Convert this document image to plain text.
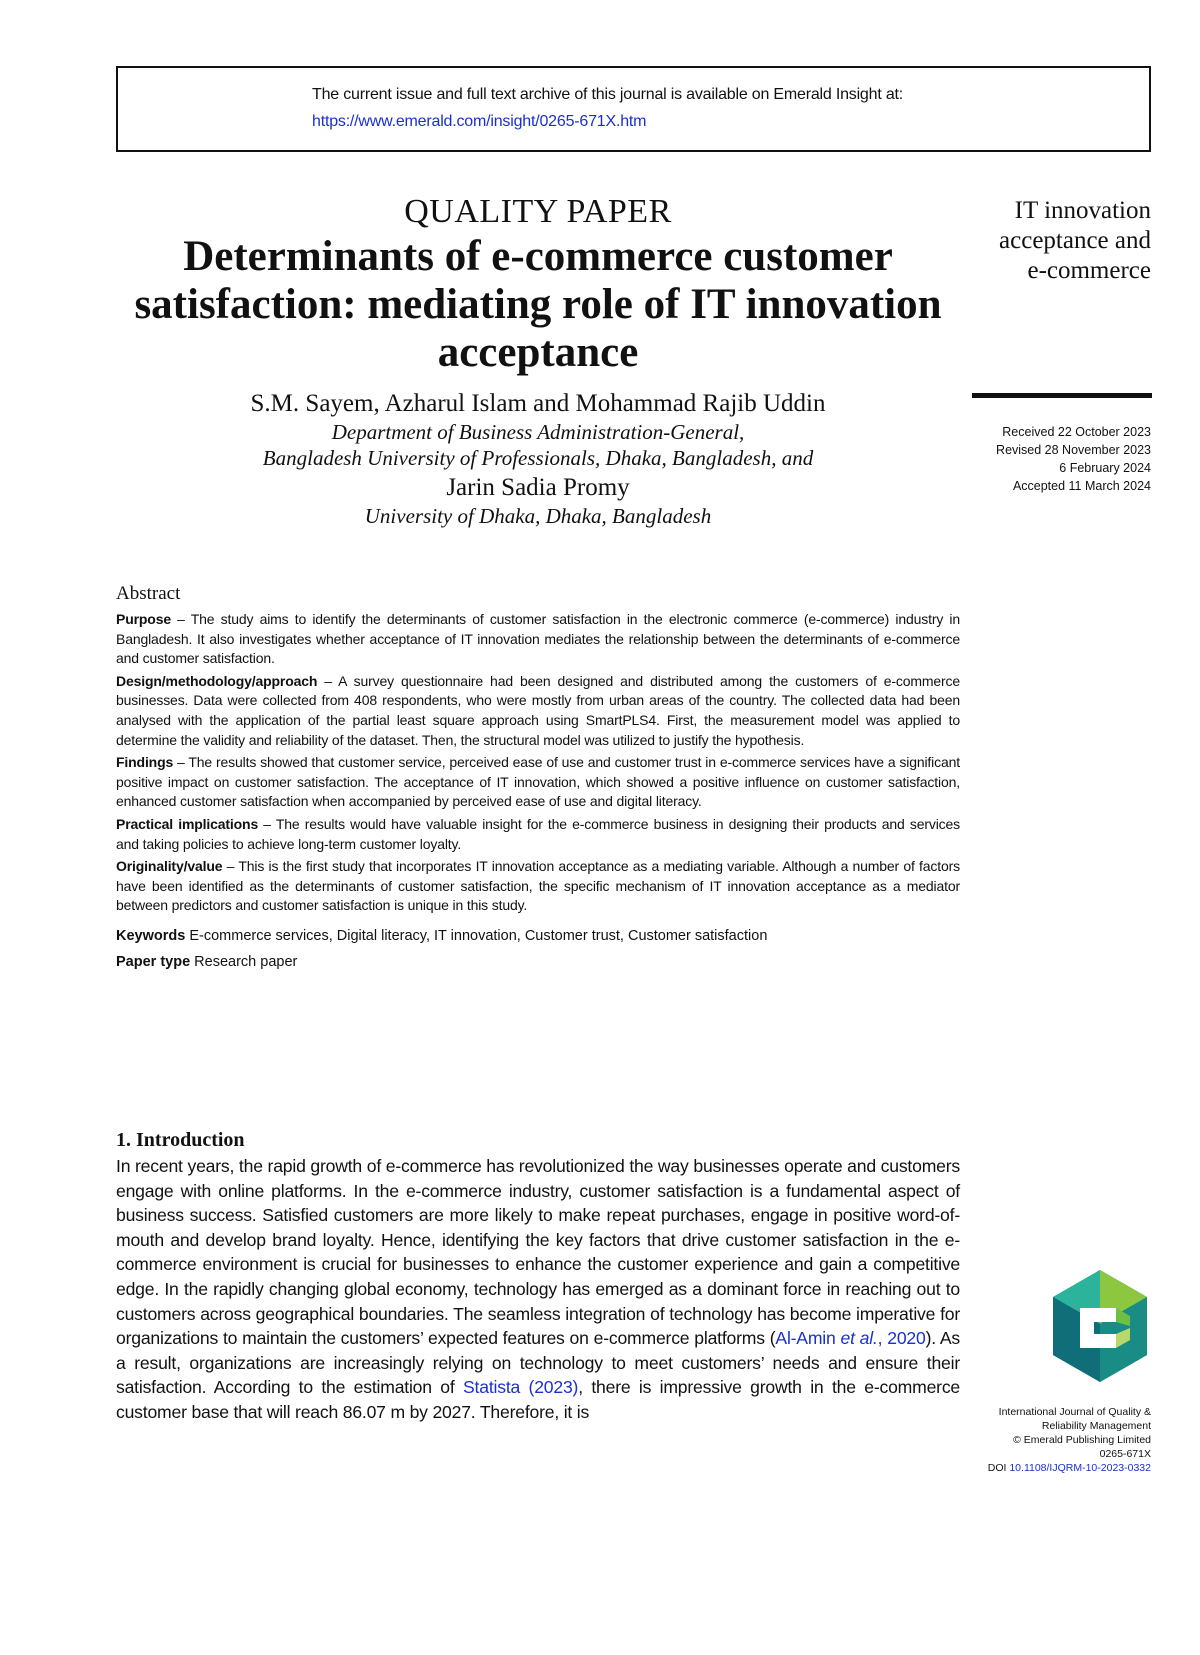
The current issue and full text archive of this journal is available on Emerald Insight at:
https://www.emerald.com/insight/0265-671X.htm
QUALITY PAPER
Determinants of e-commerce customer satisfaction: mediating role of IT innovation acceptance
S.M. Sayem, Azharul Islam and Mohammad Rajib Uddin
Department of Business Administration-General,
Bangladesh University of Professionals, Dhaka, Bangladesh, and
Jarin Sadia Promy
University of Dhaka, Dhaka, Bangladesh
IT innovation
acceptance and
e-commerce
Received 22 October 2023
Revised 28 November 2023
6 February 2024
Accepted 11 March 2024
Abstract

Purpose – The study aims to identify the determinants of customer satisfaction in the electronic commerce (e-commerce) industry in Bangladesh. It also investigates whether acceptance of IT innovation mediates the relationship between the determinants of e-commerce and customer satisfaction.

Design/methodology/approach – A survey questionnaire had been designed and distributed among the customers of e-commerce businesses. Data were collected from 408 respondents, who were mostly from urban areas of the country. The collected data had been analysed with the application of the partial least square approach using SmartPLS4. First, the measurement model was applied to determine the validity and reliability of the dataset. Then, the structural model was utilized to justify the hypothesis.

Findings – The results showed that customer service, perceived ease of use and customer trust in e-commerce services have a significant positive impact on customer satisfaction. The acceptance of IT innovation, which showed a positive influence on customer satisfaction, enhanced customer satisfaction when accompanied by perceived ease of use and digital literacy.

Practical implications – The results would have valuable insight for the e-commerce business in designing their products and services and taking policies to achieve long-term customer loyalty.

Originality/value – This is the first study that incorporates IT innovation acceptance as a mediating variable. Although a number of factors have been identified as the determinants of customer satisfaction, the specific mechanism of IT innovation acceptance as a mediator between predictors and customer satisfaction is unique in this study.

Keywords E-commerce services, Digital literacy, IT innovation, Customer trust, Customer satisfaction
Paper type Research paper
1. Introduction

In recent years, the rapid growth of e-commerce has revolutionized the way businesses operate and customers engage with online platforms. In the e-commerce industry, customer satisfaction is a fundamental aspect of business success. Satisfied customers are more likely to make repeat purchases, engage in positive word-of-mouth and develop brand loyalty. Hence, identifying the key factors that drive customer satisfaction in the e-commerce environment is crucial for businesses to enhance the customer experience and gain a competitive edge. In the rapidly changing global economy, technology has emerged as a dominant force in reaching out to customers across geographical boundaries. The seamless integration of technology has become imperative for organizations to maintain the customers’ expected features on e-commerce platforms (Al-Amin et al., 2020). As a result, organizations are increasingly relying on technology to meet customers’ needs and ensure their satisfaction. According to the estimation of Statista (2023), there is impressive growth in the e-commerce customer base that will reach 86.07 m by 2027. Therefore, it is	International Journal of Quality &
Reliability Management
© Emerald Publishing Limited
0265-671X
DOI 10.1108/IJQRM-10-2023-0332
